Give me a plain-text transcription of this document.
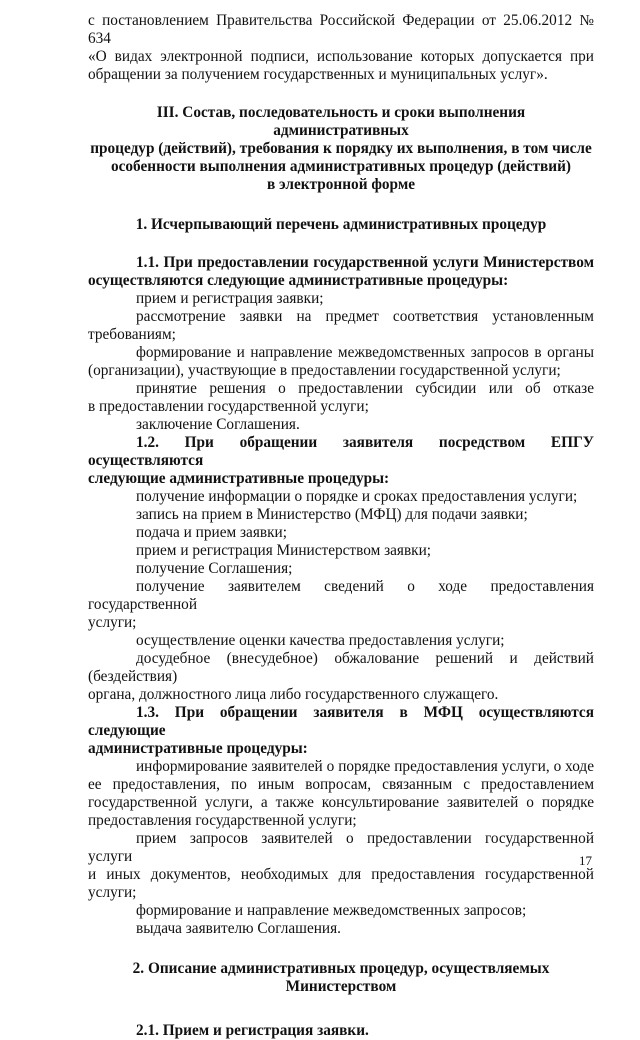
с постановлением Правительства Российской Федерации от 25.06.2012 № 634

«О видах электронной подписи, использование которых допускается при

обращении за получением государственных и муниципальных услуг».

III. Состав, последовательность и сроки выполнения административных

процедур (действий), требования к порядку их выполнения, в том числе

особенности выполнения административных процедур (действий)

в электронной форме

1. Исчерпывающий перечень административных процедур

1.1. При предоставлении государственной услуги Министерством

осуществляются следующие административные процедуры:

прием и регистрация заявки;

рассмотрение заявки на предмет соответствия установленным требованиям;

формирование и направление межведомственных запросов в органы

(организации), участвующие в предоставлении государственной услуги;

принятие решения о предоставлении субсидии или об отказе

в предоставлении государственной услуги;

заключение Соглашения.

1.2. При обращении заявителя посредством ЕПГУ осуществляются

следующие административные процедуры:

получение информации о порядке и сроках предоставления услуги;

запись на прием в Министерство (МФЦ) для подачи заявки;

подача и прием заявки;

прием и регистрация Министерством заявки;

получение Соглашения;

получение заявителем сведений о ходе предоставления государственной

услуги;

осуществление оценки качества предоставления услуги;

досудебное (внесудебное) обжалование решений и действий (бездействия)

органа, должностного лица либо государственного служащего.

1.3. При обращении заявителя в МФЦ осуществляются следующие

административные процедуры:

информирование заявителей о порядке предоставления услуги, о ходе

ее предоставления, по иным вопросам, связанным с предоставлением

государственной услуги, а также консультирование заявителей о порядке

предоставления государственной услуги;

прием запросов заявителей о предоставлении государственной услуги

и иных документов, необходимых для предоставления государственной услуги;

формирование и направление межведомственных запросов;

выдача заявителю Соглашения.

2. Описание административных процедур, осуществляемых

Министерством

2.1. Прием и регистрация заявки.

17
